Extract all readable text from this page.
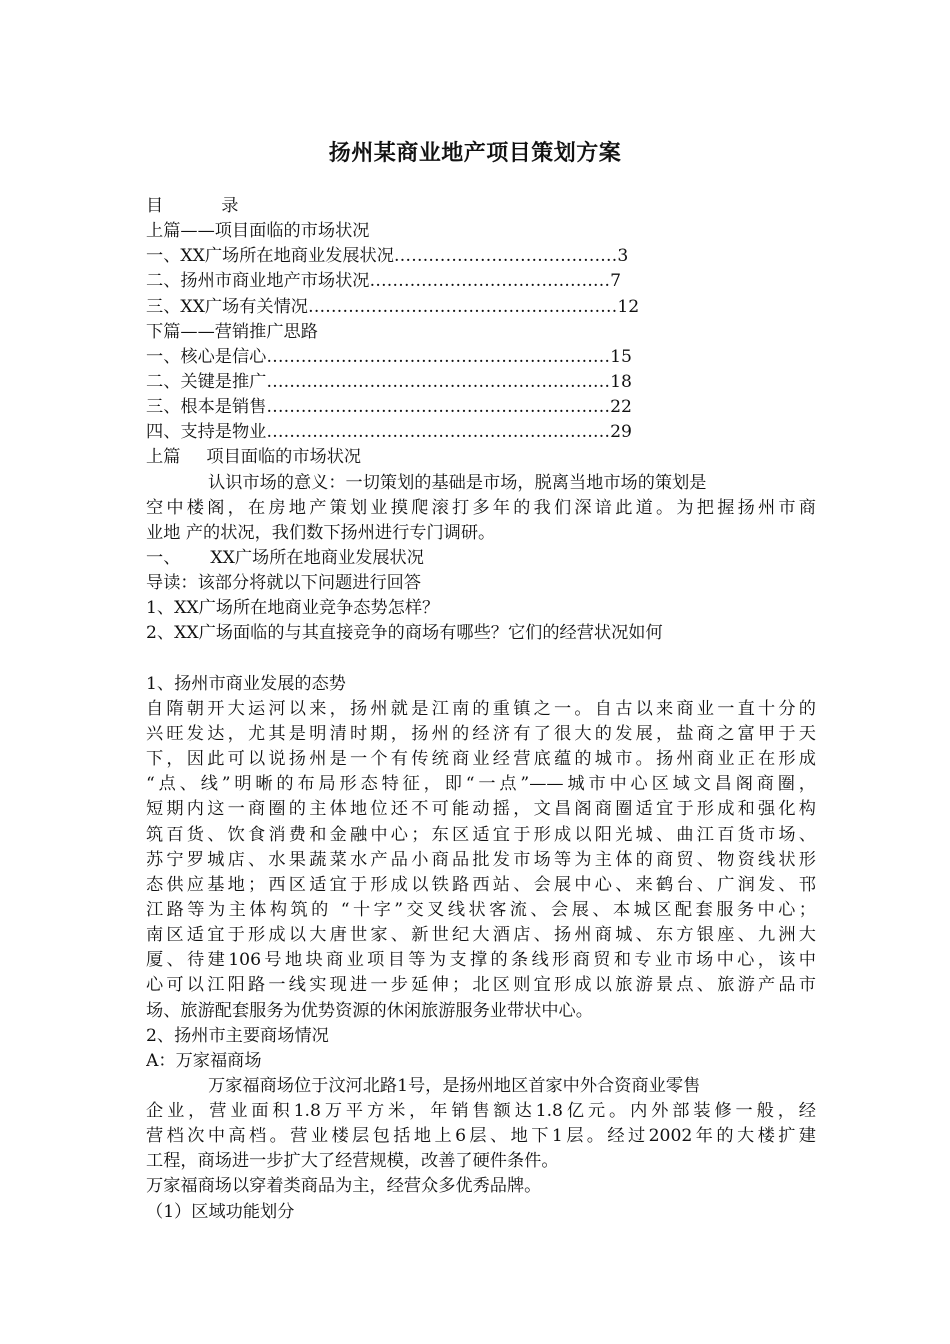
扬州某商业地产项目策划方案
目	录
上篇——项目面临的市场状况
一、XX广场所在地商业发展状况…………………………………3
二、扬州市商业地产市场状况……………………………………7
三、XX广场有关情况………………………………………………12
下篇——营销推广思路
一、核心是信心……………………………………………………15
二、关键是推广……………………………………………………18
三、根本是销售……………………………………………………22
四、支持是物业……………………………………………………29
上篇 项目面临的市场状况
认识市场的意义：一切策划的基础是市场，脱离当地市场的策划是
空中楼阁，在房地产策划业摸爬滚打多年的我们深谙此道。为把握扬州市商
业地 产的状况，我们数下扬州进行专门调研。
一、 XX广场所在地商业发展状况
导读：该部分将就以下问题进行回答
1、XX广场所在地商业竞争态势怎样？
2、XX广场面临的与其直接竞争的商场有哪些？它们的经营状况如何
1、扬州市商业发展的态势
自隋朝开大运河以来，扬州就是江南的重镇之一。自古以来商业一直十分的
兴旺发达，尤其是明清时期，扬州的经济有了很大的发展，盐商之富甲于天
下，因此可以说扬州是一个有传统商业经营底蕴的城市。扬州商业正在形成
“点、线”明晰的布局形态特征，即“一点”——城市中心区域文昌阁商圈，
短期内这一商圈的主体地位还不可能动摇，文昌阁商圈适宜于形成和强化构
筑百货、饮食消费和金融中心；东区适宜于形成以阳光城、曲江百货市场、
苏宁罗城店、水果蔬菜水产品小商品批发市场等为主体的商贸、物资线状形
态供应基地；西区适宜于形成以铁路西站、会展中心、来鹤台、广润发、邗
江路等为主体构筑的 “十字”交叉线状客流、会展、本城区配套服务中心；
南区适宜于形成以大唐世家、新世纪大酒店、扬州商城、东方银座、九洲大
厦、待建106号地块商业项目等为支撑的条线形商贸和专业市场中心，该中
心可以江阳路一线实现进一步延伸；北区则宜形成以旅游景点、旅游产品市
场、旅游配套服务为优势资源的休闲旅游服务业带状中心。
2、扬州市主要商场情况
A：万家福商场
万家福商场位于汶河北路1号，是扬州地区首家中外合资商业零售
企业，营业面积1.8万平方米，年销售额达1.8亿元。内外部装修一般，经
营档次中高档。营业楼层包括地上6层、地下1层。经过2002年的大楼扩建
工程，商场进一步扩大了经营规模，改善了硬件条件。
万家福商场以穿着类商品为主，经营众多优秀品牌。
（1）区域功能划分
